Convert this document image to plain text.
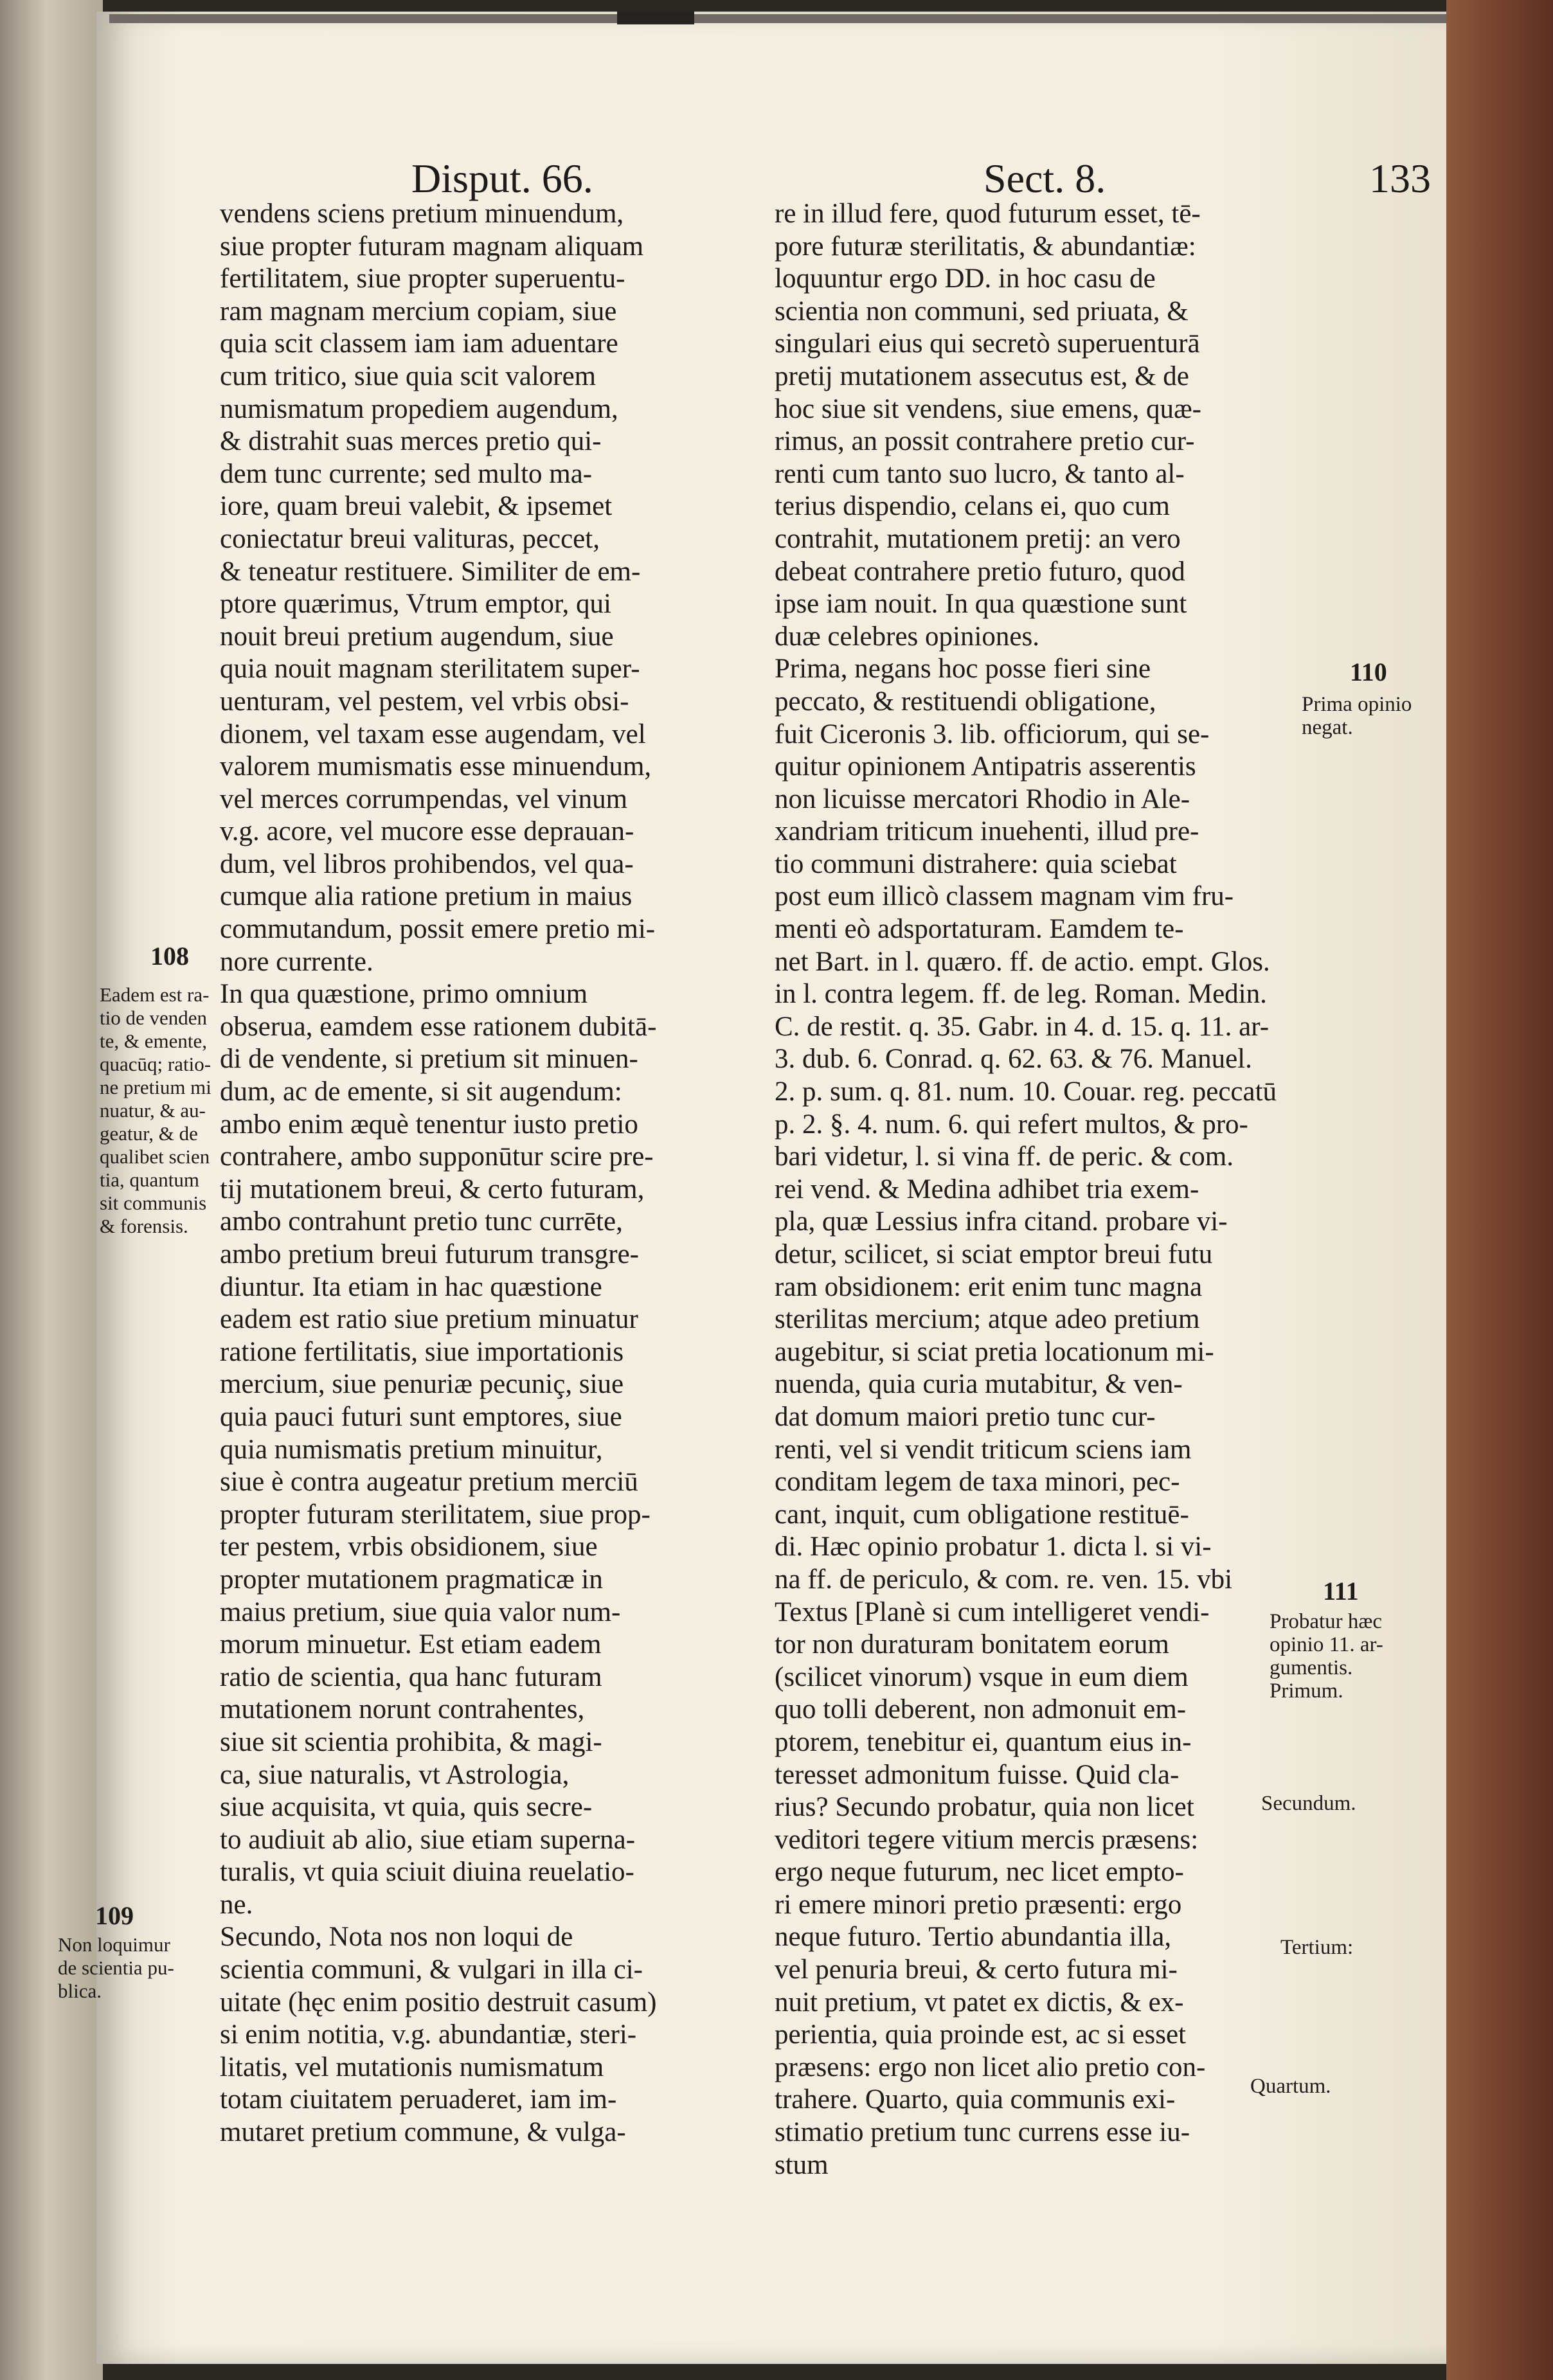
Disput. 66.	Sect. 8.	133
vendens sciens pretium minuendum,
siue propter futuram magnam aliquam
fertilitatem, siue propter superuentu-
ram magnam mercium copiam, siue
quia scit classem iam iam aduentare
cum tritico, siue quia scit valorem
numismatum propediem augendum,
& distrahit suas merces pretio qui-
dem tunc currente; sed multo ma-
iore, quam breui valebit, & ipsemet
coniectatur breui valituras, peccet,
& teneatur restituere. Similiter de em-
ptore quærimus, Vtrum emptor, qui
nouit breui pretium augendum, siue
quia nouit magnam sterilitatem super-
uenturam, vel pestem, vel vrbis obsi-
dionem, vel taxam esse augendam, vel
valorem mumismatis esse minuendum,
vel merces corrumpendas, vel vinum
v.g. acore, vel mucore esse deprauan-
dum, vel libros prohibendos, vel qua-
cumque alia ratione pretium in maius
commutandum, possit emere pretio mi-
nore currente.
In qua quæstione, primo omnium
obserua, eamdem esse rationem dubitā-
di de vendente, si pretium sit minuen-
dum, ac de emente, si sit augendum:
ambo enim æquè tenentur iusto pretio
contrahere, ambo supponūtur scire pre-
tij mutationem breui, & certo futuram,
ambo contrahunt pretio tunc currēte,
ambo pretium breui futurum transgre-
diuntur. Ita etiam in hac quæstione
eadem est ratio siue pretium minuatur
ratione fertilitatis, siue importationis
mercium, siue penuriæ pecuniç, siue
quia pauci futuri sunt emptores, siue
quia numismatis pretium minuitur,
siue è contra augeatur pretium merciū
propter futuram sterilitatem, siue prop-
ter pestem, vrbis obsidionem, siue
propter mutationem pragmaticæ in
maius pretium, siue quia valor num-
morum minuetur. Est etiam eadem
ratio de scientia, qua hanc futuram
mutationem norunt contrahentes,
siue sit scientia prohibita, & magi-
ca, siue naturalis, vt Astrologia,
siue acquisita, vt quia, quis secre-
to audiuit ab alio, siue etiam superna-
turalis, vt quia sciuit diuina reuelatio-
ne.
Secundo, Nota nos non loqui de
scientia communi, & vulgari in illa ci-
uitate (hęc enim positio destruit casum)
si enim notitia, v.g. abundantiæ, steri-
litatis, vel mutationis numismatum
totam ciuitatem peruaderet, iam im-
mutaret pretium commune, & vulga-
re in illud fere, quod futurum esset, tē-
pore futuræ sterilitatis, & abundantiæ:
loquuntur ergo DD. in hoc casu de
scientia non communi, sed priuata, &
singulari eius qui secretò superuenturā
pretij mutationem assecutus est, & de
hoc siue sit vendens, siue emens, quæ-
rimus, an possit contrahere pretio cur-
renti cum tanto suo lucro, & tanto al-
terius dispendio, celans ei, quo cum
contrahit, mutationem pretij: an vero
debeat contrahere pretio futuro, quod
ipse iam nouit. In qua quæstione sunt
duæ celebres opiniones.
Prima, negans hoc posse fieri sine
peccato, & restituendi obligatione,
fuit Ciceronis 3. lib. officiorum, qui se-
quitur opinionem Antipatris asserentis
non licuisse mercatori Rhodio in Ale-
xandriam triticum inuehenti, illud pre-
tio communi distrahere: quia sciebat
post eum illicò classem magnam vim fru-
menti eò adsportaturam. Eamdem te-
net Bart. in l. quæro. ff. de actio. empt. Glos.
in l. contra legem. ff. de leg. Roman. Medin.
C. de restit. q. 35. Gabr. in 4. d. 15. q. 11. ar-
3. dub. 6. Conrad. q. 62. 63. & 76. Manuel.
2. p. sum. q. 81. num. 10. Couar. reg. peccatū
p. 2. §. 4. num. 6. qui refert multos, & pro-
bari videtur, l. si vina ff. de peric. & com.
rei vend. & Medina adhibet tria exem-
pla, quæ Lessius infra citand. probare vi-
detur, scilicet, si sciat emptor breui futu
ram obsidionem: erit enim tunc magna
sterilitas mercium; atque adeo pretium
augebitur, si sciat pretia locationum mi-
nuenda, quia curia mutabitur, & ven-
dat domum maiori pretio tunc cur-
renti, vel si vendit triticum sciens iam
conditam legem de taxa minori, pec-
cant, inquit, cum obligatione restituē-
di. Hæc opinio probatur 1. dicta l. si vi-
na ff. de periculo, & com. re. ven. 15. vbi
Textus [Planè si cum intelligeret vendi-
tor non duraturam bonitatem eorum
(scilicet vinorum) vsque in eum diem
quo tolli deberent, non admonuit em-
ptorem, tenebitur ei, quantum eius in-
teresset admonitum fuisse. Quid cla-
rius? Secundo probatur, quia non licet
veditori tegere vitium mercis præsens:
ergo neque futurum, nec licet empto-
ri emere minori pretio præsenti: ergo
neque futuro. Tertio abundantia illa,
vel penuria breui, & certo futura mi-
nuit pretium, vt patet ex dictis, & ex-
perientia, quia proinde est, ac si esset
præsens: ergo non licet alio pretio con-
trahere. Quarto, quia communis exi-
stimatio pretium tunc currens esse iu-
stum
108
Eadem est ra-
tio de venden
te, & emente,
quacūq; ratio-
ne pretium mi
nuatur, & au-
geatur, & de
qualibet scien
tia, quantum
sit communis
& forensis.
109
Non loquimur
de scientia pu-
blica.
110
Prima opinio
negat.
111
Probatur hæc
opinio 11. ar-
gumentis.
Primum.
Secundum.
Tertium:
Quartum.
